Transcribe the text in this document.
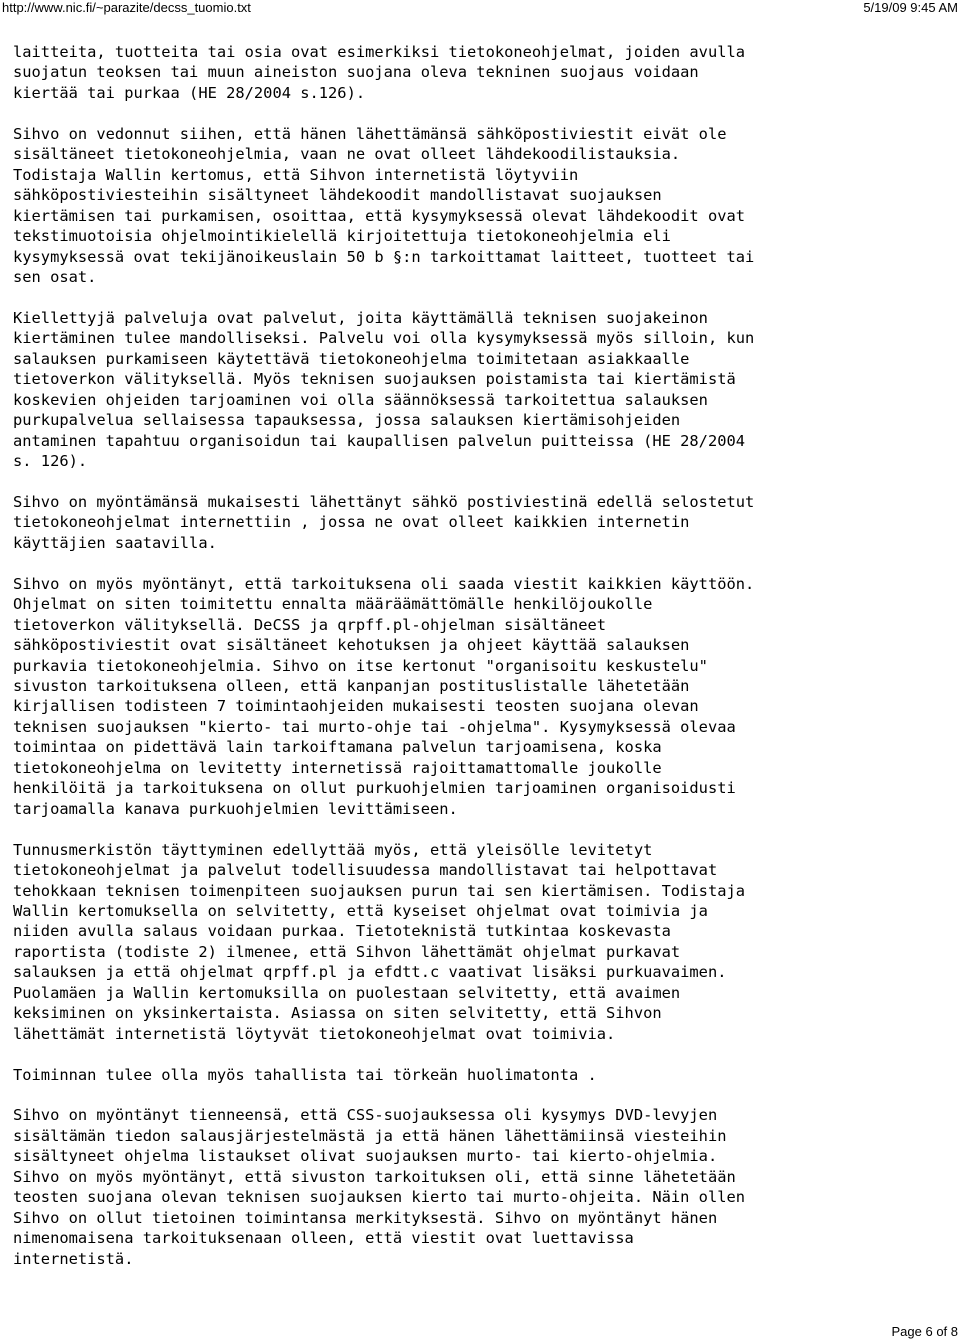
http://www.nic.fi/~parazite/decss_tuomio.txt	5/19/09 9:45 AM
laitteita, tuotteita tai osia ovat esimerkiksi tietokoneohjelmat, joiden avulla
suojatun teoksen tai muun aineiston suojana oleva tekninen suojaus voidaan
kiertää tai purkaa (HE 28/2004 s.126).
Sihvo on vedonnut siihen, että hänen lähettämänsä sähköpostiviestit eivät ole
sisältäneet tietokoneohjelmia, vaan ne ovat olleet lähdekoodilistauksia.
Todistaja Wallin kertomus, että Sihvon internetistä löytyviin
sähköpostiviesteihin sisältyneet lähdekoodit mandollistavat suojauksen
kiertämisen tai purkamisen, osoittaa, että kysymyksessä olevat lähdekoodit ovat
tekstimuotoisia ohjelmointikielellä kirjoitettuja tietokoneohjelmia eli
kysymyksessä ovat tekijänoikeuslain 50 b §:n tarkoittamat laitteet, tuotteet tai
sen osat.
Kiellettyjä palveluja ovat palvelut, joita käyttämällä teknisen suojakeinon
kiertäminen tulee mandolliseksi. Palvelu voi olla kysymyksessä myös silloin, kun
salauksen purkamiseen käytettävä tietokoneohjelma toimitetaan asiakkaalle
tietoverkon välityksellä. Myös teknisen suojauksen poistamista tai kiertämistä
koskevien ohjeiden tarjoaminen voi olla säännöksessä tarkoitettua salauksen
purkupalvelua sellaisessa tapauksessa, jossa salauksen kiertämisohjeiden
antaminen tapahtuu organisoidun tai kaupallisen palvelun puitteissa (HE 28/2004
s. 126).
Sihvo on myöntämänsä mukaisesti lähettänyt sähkö postiviestinä edellä selostetut
tietokoneohjelmat internettiin , jossa ne ovat olleet kaikkien internetin
käyttäjien saatavilla.
Sihvo on myös myöntänyt, että tarkoituksena oli saada viestit kaikkien käyttöön.
Ohjelmat on siten toimitettu ennalta määräämättömälle henkilöjoukolle
tietoverkon välityksellä. DeCSS ja qrpff.pl-ohjelman sisältäneet
sähköpostiviestit ovat sisältäneet kehotuksen ja ohjeet käyttää salauksen
purkavia tietokoneohjelmia. Sihvo on itse kertonut "organisoitu keskustelu"
sivuston tarkoituksena olleen, että kanpanjan postituslistalle lähetetään
kirjallisen todisteen 7 toimintaohjeiden mukaisesti teosten suojana olevan
teknisen suojauksen "kierto- tai murto-ohje tai -ohjelma". Kysymyksessä olevaa
toimintaa on pidettävä lain tarkoiftamana palvelun tarjoamisena, koska
tietokoneohjelma on levitetty internetissä rajoittamattomalle joukolle
henkilöitä ja tarkoituksena on ollut purkuohjelmien tarjoaminen organisoidusti
tarjoamalla kanava purkuohjelmien levittämiseen.
Tunnusmerkistön täyttyminen edellyttää myös, että yleisölle levitetyt
tietokoneohjelmat ja palvelut todellisuudessa mandollistavat tai helpottavat
tehokkaan teknisen toimenpiteen suojauksen purun tai sen kiertämisen. Todistaja
Wallin kertomuksella on selvitetty, että kyseiset ohjelmat ovat toimivia ja
niiden avulla salaus voidaan purkaa. Tietoteknistä tutkintaa koskevasta
raportista (todiste 2) ilmenee, että Sihvon lähettämät ohjelmat purkavat
salauksen ja että ohjelmat qrpff.pl ja efdtt.c vaativat lisäksi purkuavaimen.
Puolamäen ja Wallin kertomuksilla on puolestaan selvitetty, että avaimen
keksiminen on yksinkertaista. Asiassa on siten selvitetty, että Sihvon
lähettämät internetistä löytyvät tietokoneohjelmat ovat toimivia.
Toiminnan tulee olla myös tahallista tai törkeän huolimatonta .
Sihvo on myöntänyt tienneensä, että CSS-suojauksessa oli kysymys DVD-levyjen
sisältämän tiedon salausjärjestelmästä ja että hänen lähettämiinsä viesteihin
sisältyneet ohjelma listaukset olivat suojauksen murto- tai kierto-ohjelmia.
Sihvo on myös myöntänyt, että sivuston tarkoituksen oli, että sinne lähetetään
teosten suojana olevan teknisen suojauksen kierto tai murto-ohjeita. Näin ollen
Sihvo on ollut tietoinen toimintansa merkityksestä. Sihvo on myöntänyt hänen
nimenomaisena tarkoituksenaan olleen, että viestit ovat luettavissa
internetistä.
Page 6 of 8
